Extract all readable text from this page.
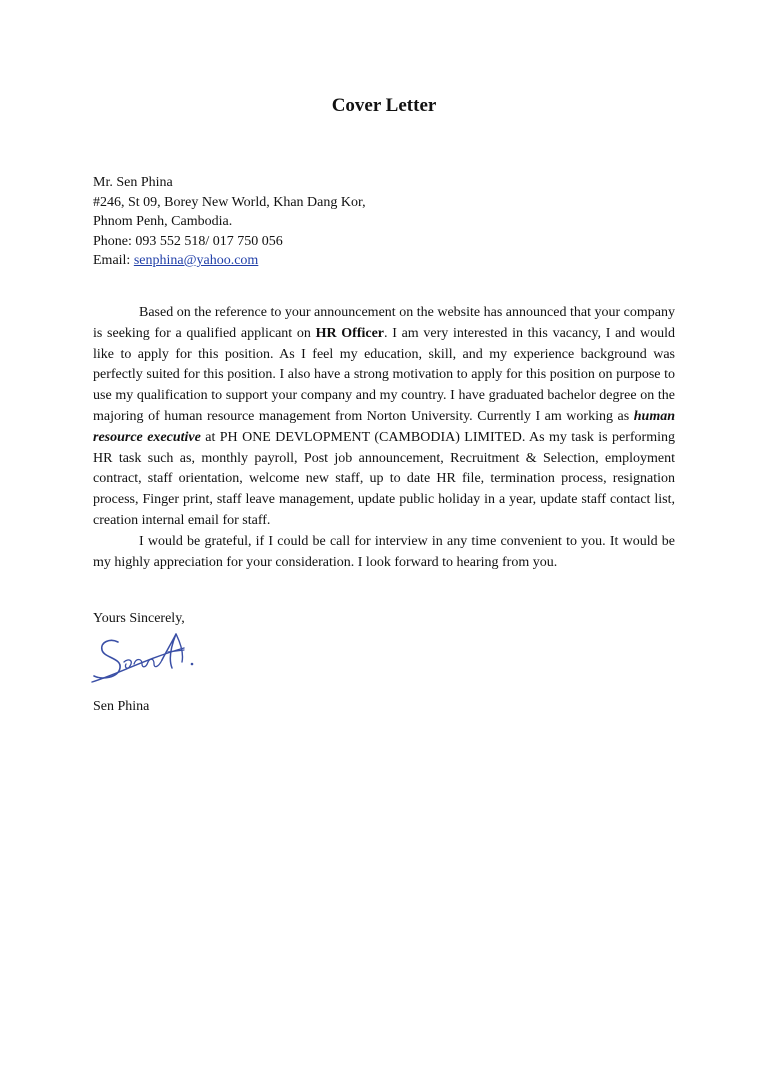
Cover Letter
Mr. Sen Phina
#246, St 09, Borey New World, Khan Dang Kor,
Phnom Penh, Cambodia.
Phone: 093 552 518/ 017 750 056
Email: senphina@yahoo.com

Based on the reference to your announcement on the website has announced that your company is seeking for a qualified applicant on HR Officer. I am very interested in this vacancy, I and would like to apply for this position. As I feel my education, skill, and my experience background was perfectly suited for this position. I also have a strong motivation to apply for this position on purpose to use my qualification to support your company and my country. I have graduated bachelor degree on the majoring of human resource management from Norton University. Currently I am working as human resource executive at PH ONE DEVLOPMENT (CAMBODIA) LIMITED. As my task is performing HR task such as, monthly payroll, Post job announcement, Recruitment & Selection, employment contract, staff orientation, welcome new staff, up to date HR file, termination process, resignation process, Finger print, staff leave management, update public holiday in a year, update staff contact list, creation internal email for staff.

I would be grateful, if I could be call for interview in any time convenient to you. It would be my highly appreciation for your consideration. I look forward to hearing from you.

Yours Sincerely,
Sen Phina
